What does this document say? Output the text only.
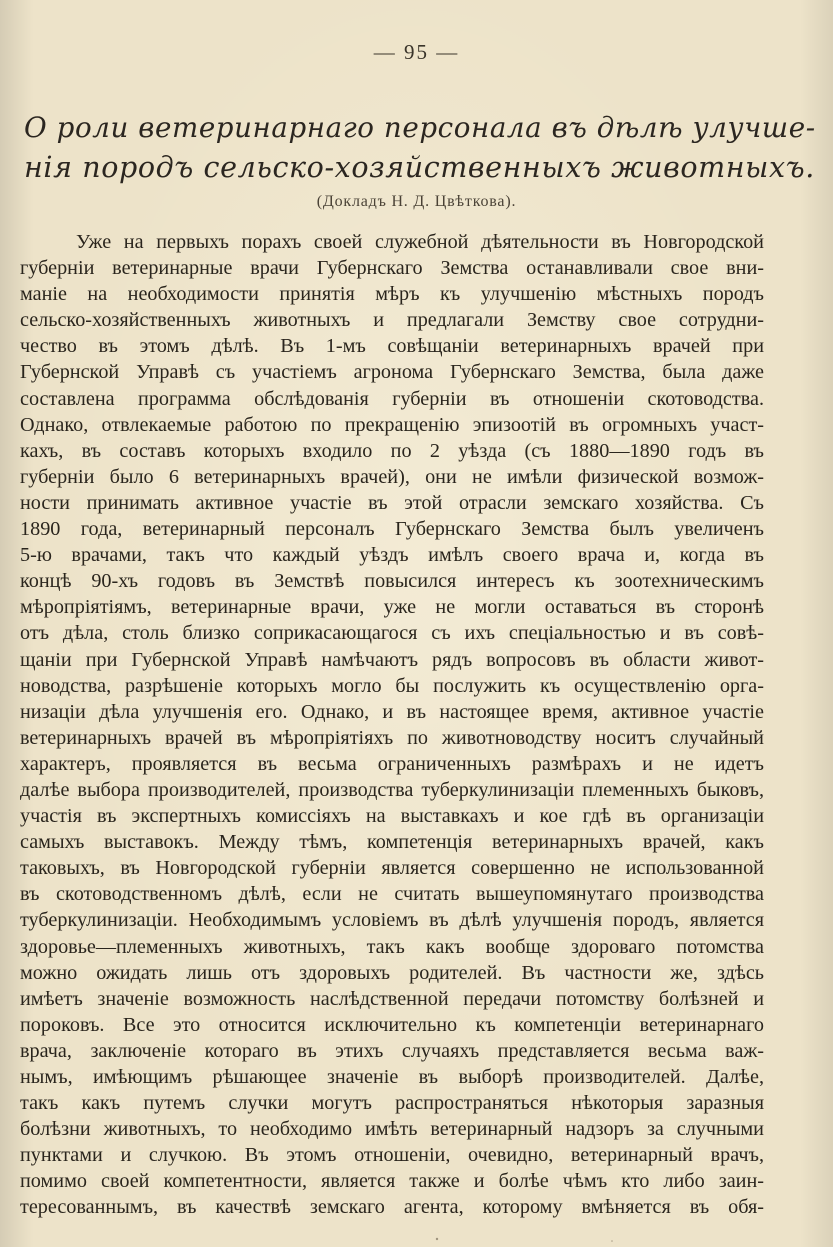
— 95 —
О роли ветеринарнаго персонала въ дѣлѣ улучше-
нія породъ сельско-хозяйственныхъ животныхъ.
(Докладъ Н. Д. Цвѣткова).
Уже на первыхъ порахъ своей служебной дѣятельности въ Новгородской
губерніи ветеринарные врачи Губернскаго Земства останавливали свое вни-
маніе на необходимости принятія мѣръ къ улучшенію мѣстныхъ породъ
сельско-хозяйственныхъ животныхъ и предлагали Земству свое сотрудни-
чество въ этомъ дѣлѣ. Въ 1-мъ совѣщаніи ветеринарныхъ врачей при
Губернской Управѣ съ участіемъ агронома Губернскаго Земства, была даже
составлена программа обслѣдованія губерніи въ отношеніи скотоводства.
Однако, отвлекаемые работою по прекращенію эпизоотій въ огромныхъ участ-
кахъ, въ составъ которыхъ входило по 2 уѣзда (съ 1880—1890 годъ въ
губерніи было 6 ветеринарныхъ врачей), они не имѣли физической возмож-
ности принимать активное участіе въ этой отрасли земскаго хозяйства. Съ
1890 года, ветеринарный персоналъ Губернскаго Земства былъ увеличенъ
5-ю врачами, такъ что каждый уѣздъ имѣлъ своего врача и, когда въ
концѣ 90-хъ годовъ въ Земствѣ повысился интересъ къ зоотехническимъ
мѣропріятіямъ, ветеринарные врачи, уже не могли оставаться въ сторонѣ
отъ дѣла, столь близко соприкасающагося съ ихъ спеціальностью и въ совѣ-
щаніи при Губернской Управѣ намѣчаютъ рядъ вопросовъ въ области живот-
новодства, разрѣшеніе которыхъ могло бы послужить къ осуществленію орга-
низаціи дѣла улучшенія его. Однако, и въ настоящее время, активное участіе
ветеринарныхъ врачей въ мѣропріятіяхъ по животноводству носитъ случайный
характеръ, проявляется въ весьма ограниченныхъ размѣрахъ и не идетъ
далѣе выбора производителей, производства туберкулинизаціи племенныхъ быковъ,
участія въ экспертныхъ комиссіяхъ на выставкахъ и кое гдѣ въ организаціи
самыхъ выставокъ. Между тѣмъ, компетенція ветеринарныхъ врачей, какъ
таковыхъ, въ Новгородской губерніи является совершенно не использованной
въ скотоводственномъ дѣлѣ, если не считать вышеупомянутаго производства
туберкулинизаціи. Необходимымъ условіемъ въ дѣлѣ улучшенія породъ, является
здоровье—племенныхъ животныхъ, такъ какъ вообще здороваго потомства
можно ожидать лишь отъ здоровыхъ родителей. Въ частности же, здѣсь
имѣетъ значеніе возможность наслѣдственной передачи потомству болѣзней и
пороковъ. Все это относится исключительно къ компетенціи ветеринарнаго
врача, заключеніе котораго въ этихъ случаяхъ представляется весьма важ-
нымъ, имѣющимъ рѣшающее значеніе въ выборѣ производителей. Далѣе,
такъ какъ путемъ случки могутъ распространяться нѣкоторыя заразныя
болѣзни животныхъ, то необходимо имѣть ветеринарный надзоръ за случными
пунктами и случкою. Въ этомъ отношеніи, очевидно, ветеринарный врачъ,
помимо своей компетентности, является также и болѣе чѣмъ кто либо заин-
тересованнымъ, въ качествѣ земскаго агента, которому вмѣняется въ обя-
